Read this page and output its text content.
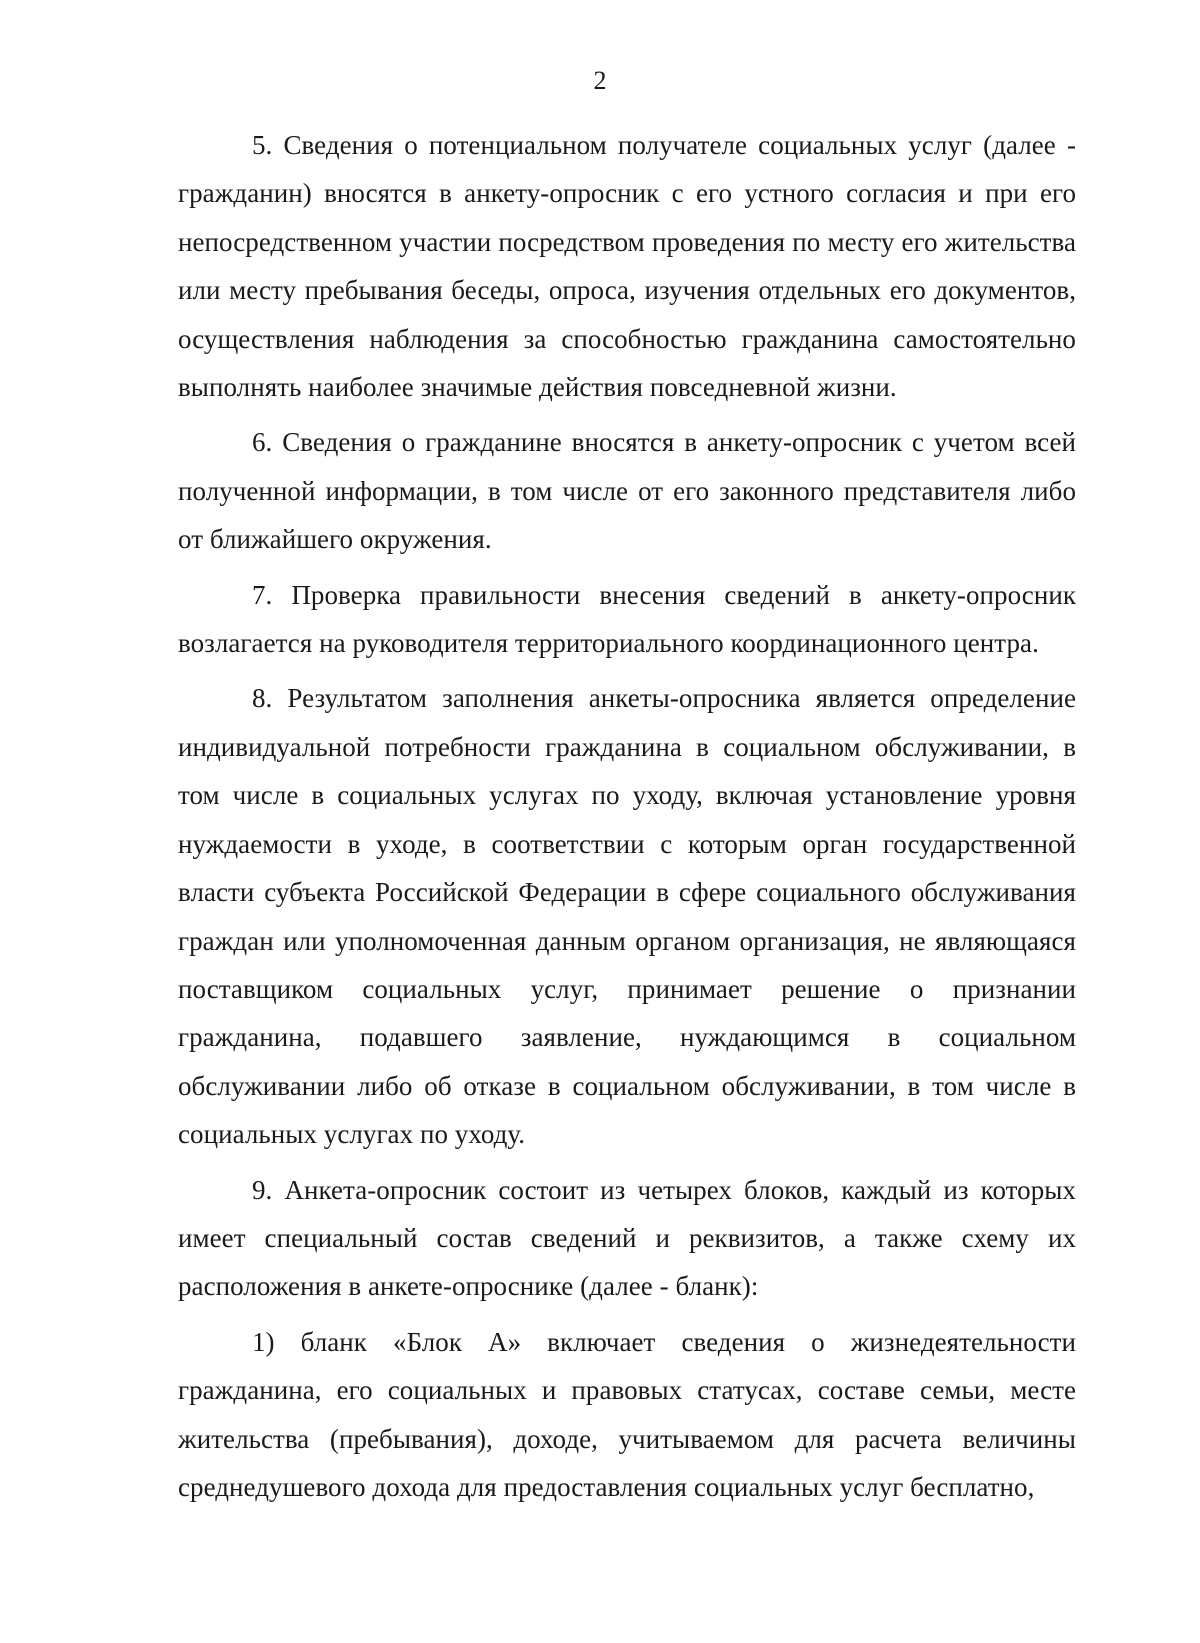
2

5. Сведения о потенциальном получателе социальных услуг (далее - гражданин) вносятся в анкету-опросник с его устного согласия и при его непосредственном участии посредством проведения по месту его жительства или месту пребывания беседы, опроса, изучения отдельных его документов, осуществления наблюдения за способностью гражданина самостоятельно выполнять наиболее значимые действия повседневной жизни.

6. Сведения о гражданине вносятся в анкету-опросник с учетом всей полученной информации, в том числе от его законного представителя либо от ближайшего окружения.

7. Проверка правильности внесения сведений в анкету-опросник возлагается на руководителя территориального координационного центра.

8. Результатом заполнения анкеты-опросника является определение индивидуальной потребности гражданина в социальном обслуживании, в том числе в социальных услугах по уходу, включая установление уровня нуждаемости в уходе, в соответствии с которым орган государственной власти субъекта Российской Федерации в сфере социального обслуживания граждан или уполномоченная данным органом организация, не являющаяся поставщиком социальных услуг, принимает решение о признании гражданина, подавшего заявление, нуждающимся в социальном обслуживании либо об отказе в социальном обслуживании, в том числе в социальных услугах по уходу.

9. Анкета-опросник состоит из четырех блоков, каждый из которых имеет специальный состав сведений и реквизитов, а также схему их расположения в анкете-опроснике (далее - бланк):

1) бланк «Блок А» включает сведения о жизнедеятельности гражданина, его социальных и правовых статусах, составе семьи, месте жительства (пребывания), доходе, учитываемом для расчета величины среднедушевого дохода для предоставления социальных услуг бесплатно,
